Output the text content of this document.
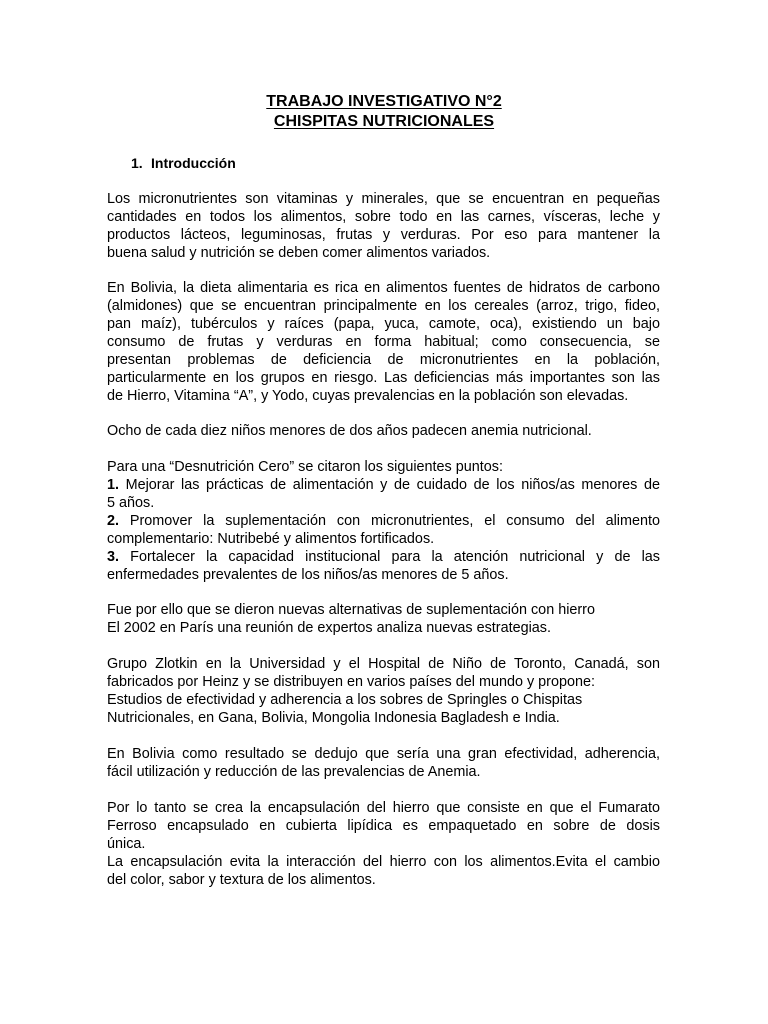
TRABAJO INVESTIGATIVO N°2
CHISPITAS NUTRICIONALES
1. Introducción
Los micronutrientes son vitaminas y minerales, que se encuentran en pequeñas
cantidades en todos los alimentos, sobre todo en las carnes, vísceras, leche y
productos lácteos, leguminosas, frutas y verduras. Por eso para mantener la
buena salud y nutrición se deben comer alimentos variados.
En Bolivia, la dieta alimentaria es rica en alimentos fuentes de hidratos de carbono
(almidones) que se encuentran principalmente en los cereales (arroz, trigo, fideo,
pan maíz), tubérculos y raíces (papa, yuca, camote, oca), existiendo un bajo
consumo de frutas y verduras en forma habitual; como consecuencia, se
presentan problemas de deficiencia de micronutrientes en la población,
particularmente en los grupos en riesgo. Las deficiencias más importantes son las
de Hierro, Vitamina “A”, y Yodo, cuyas prevalencias en la población son elevadas.
Ocho de cada diez niños menores de dos años padecen anemia nutricional.
Para una “Desnutrición Cero” se citaron los siguientes puntos:
1. Mejorar las prácticas de alimentación y de cuidado de los niños/as menores de
5 años.
2. Promover la suplementación con micronutrientes, el consumo del alimento
complementario: Nutribebé y alimentos fortificados.
3. Fortalecer la capacidad institucional para la atención nutricional y de las
enfermedades prevalentes de los niños/as menores de 5 años.
Fue por ello que se dieron nuevas alternativas de suplementación con hierro
El 2002 en París una reunión de expertos analiza nuevas estrategias.
Grupo Zlotkin en la Universidad y el Hospital de Niño de Toronto, Canadá, son
fabricados por Heinz y se distribuyen en varios países del mundo y propone:
Estudios de efectividad y adherencia a los sobres de Springles o Chispitas
Nutricionales, en Gana, Bolivia, Mongolia Indonesia Bagladesh e India.
En Bolivia como resultado se dedujo que sería una gran efectividad, adherencia,
fácil utilización y reducción de las prevalencias de Anemia.
Por lo tanto se crea la encapsulación del hierro que consiste en que el Fumarato
Ferroso encapsulado en cubierta lipídica es empaquetado en sobre de dosis
única.
La encapsulación evita la interacción del hierro con los alimentos.Evita el cambio
del color, sabor y textura de los alimentos.
